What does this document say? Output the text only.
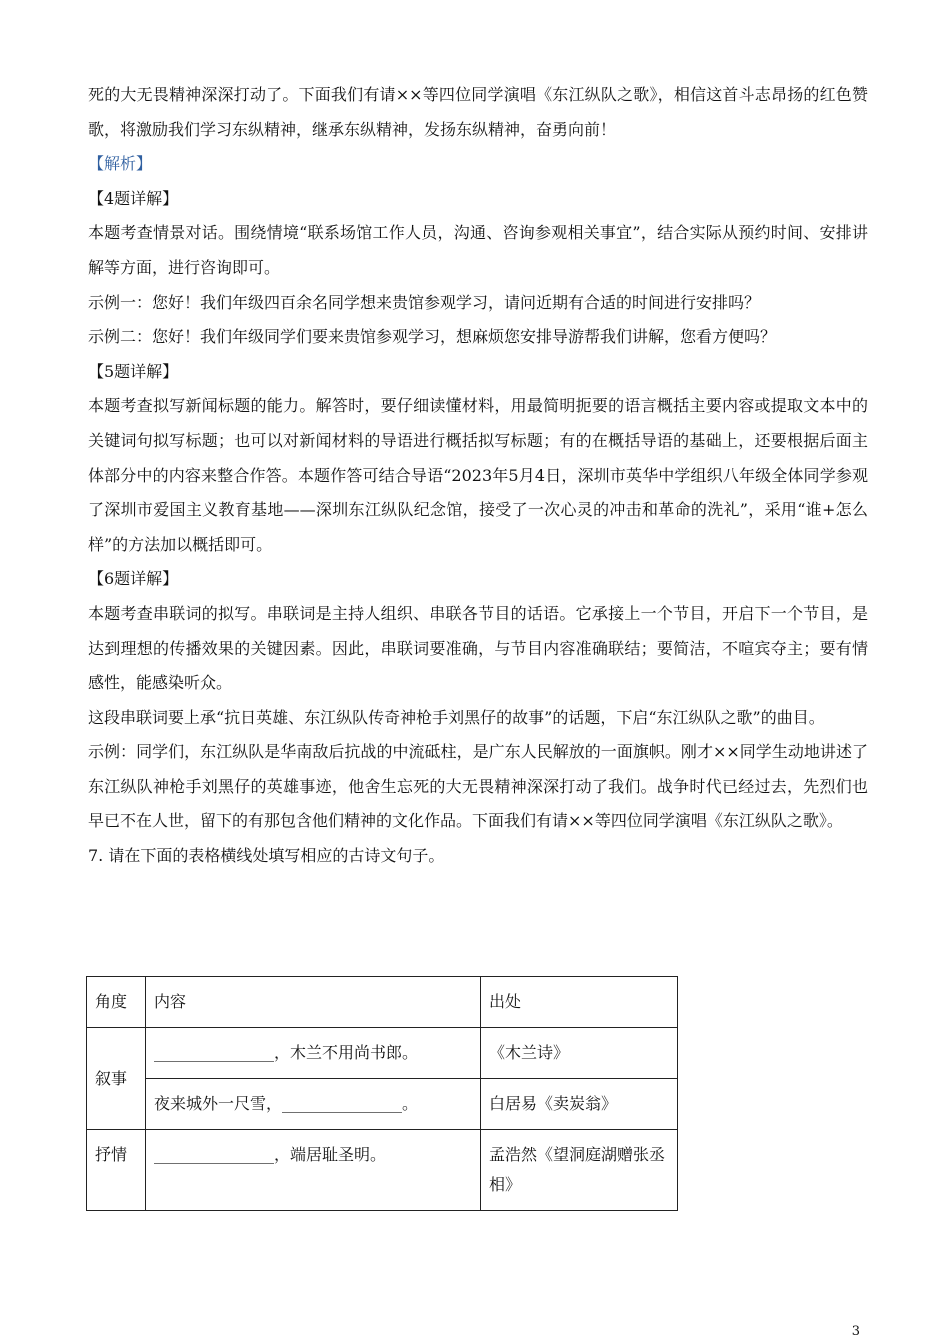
死的大无畏精神深深打动了。下面我们有请××等四位同学演唱《东江纵队之歌》，相信这首斗志昂扬的红色赞歌，将激励我们学习东纵精神，继承东纵精神，发扬东纵精神，奋勇向前！

【解析】

【4题详解】

本题考查情景对话。围绕情境“联系场馆工作人员，沟通、咨询参观相关事宜”，结合实际从预约时间、安排讲解等方面，进行咨询即可。

示例一：您好！我们年级四百余名同学想来贵馆参观学习，请问近期有合适的时间进行安排吗？

示例二：您好！我们年级同学们要来贵馆参观学习，想麻烦您安排导游帮我们讲解，您看方便吗？

【5题详解】

本题考查拟写新闻标题的能力。解答时，要仔细读懂材料，用最简明扼要的语言概括主要内容或提取文本中的关键词句拟写标题；也可以对新闻材料的导语进行概括拟写标题；有的在概括导语的基础上，还要根据后面主体部分中的内容来整合作答。本题作答可结合导语“2023年5月4日，深圳市英华中学组织八年级全体同学参观了深圳市爱国主义教育基地——深圳东江纵队纪念馆，接受了一次心灵的冲击和革命的洗礼”，采用“谁+怎么样”的方法加以概括即可。

【6题详解】

本题考查串联词的拟写。串联词是主持人组织、串联各节目的话语。它承接上一个节目，开启下一个节目，是达到理想的传播效果的关键因素。因此，串联词要准确，与节目内容准确联结；要简洁，不喧宾夺主；要有情感性，能感染听众。

这段串联词要上承“抗日英雄、东江纵队传奇神枪手刘黑仔的故事”的话题，下启“东江纵队之歌”的曲目。

示例：同学们，东江纵队是华南敌后抗战的中流砥柱，是广东人民解放的一面旗帜。刚才××同学生动地讲述了东江纵队神枪手刘黑仔的英雄事迹，他舍生忘死的大无畏精神深深打动了我们。战争时代已经过去，先烈们也早已不在人世，留下的有那包含他们精神的文化作品。下面我们有请××等四位同学演唱《东江纵队之歌》。

7. 请在下面的表格横线处填写相应的古诗文句子。

角度	内容	出处
叙事	_______________，木兰不用尚书郎。	《木兰诗》
	夜来城外一尺雪，_______________。	白居易《卖炭翁》
抒情	_______________，端居耻圣明。	孟浩然《望洞庭湖赠张丞相》
3
